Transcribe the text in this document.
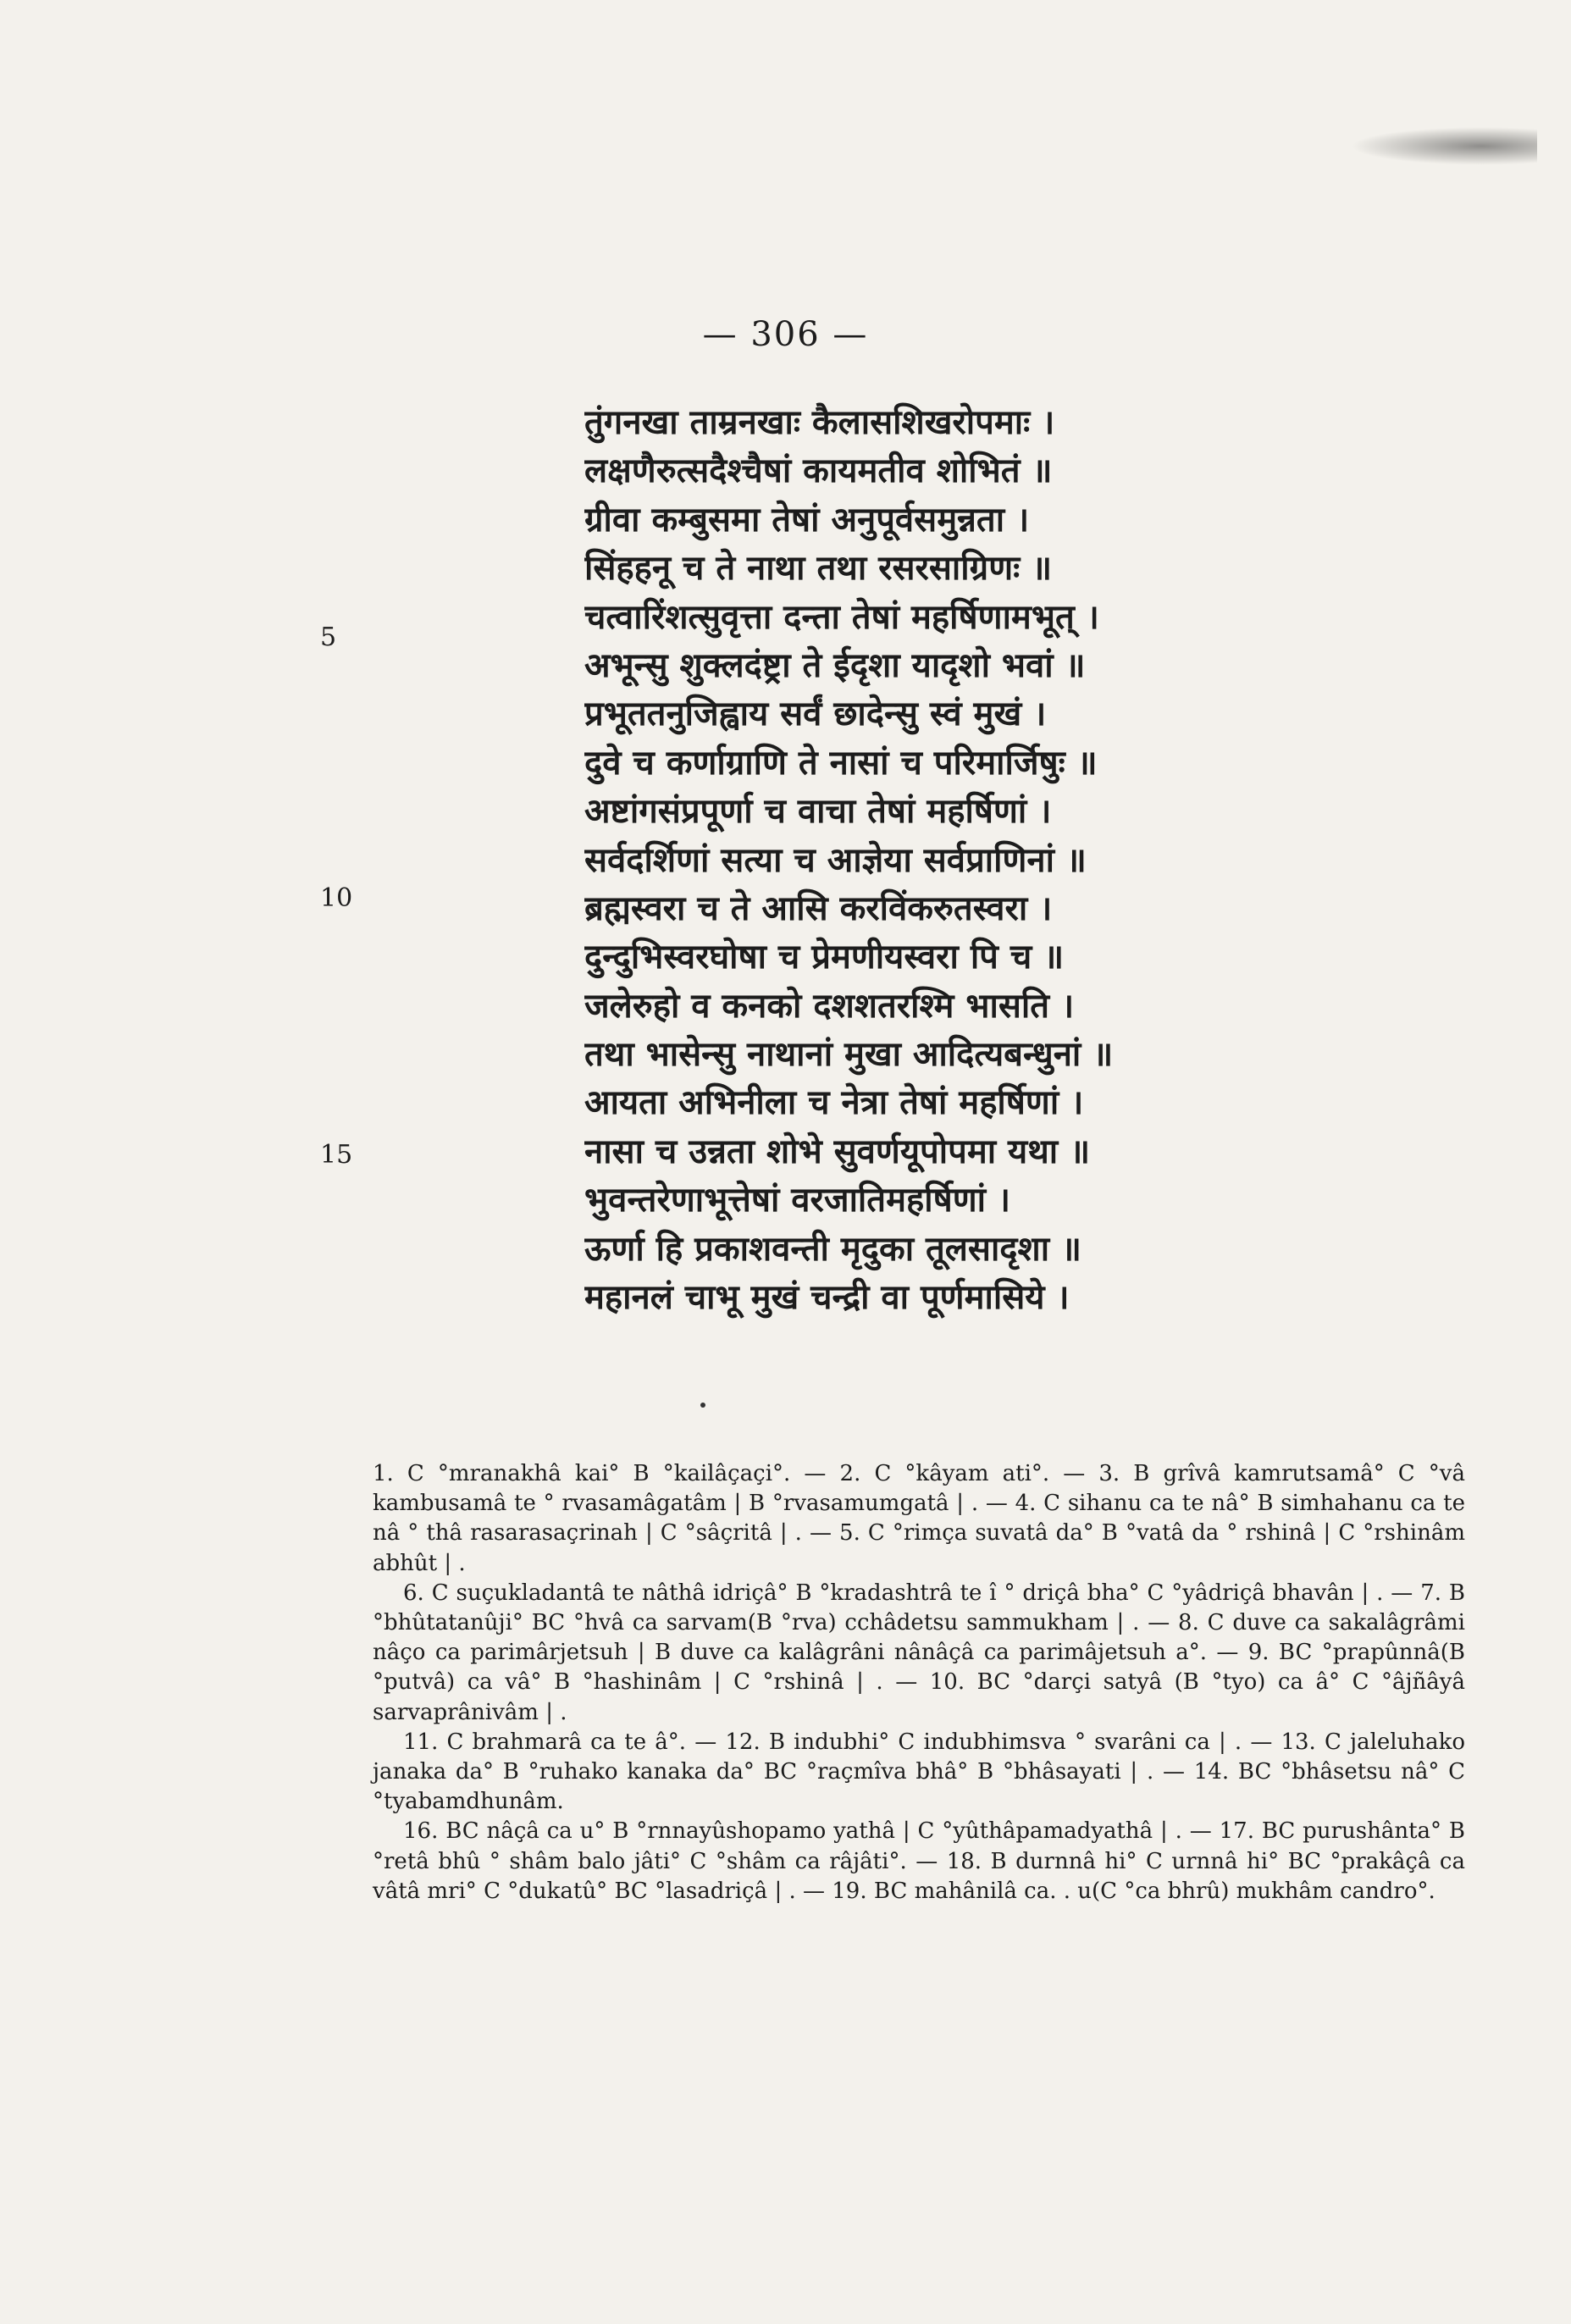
— 306 —
तुंगनखा ताम्रनखाः कैलासशिखरोपमाः ।
लक्षणैरुत्सदैश्चैषां कायमतीव शोभितं ॥
ग्रीवा कम्बुसमा तेषां अनुपूर्वसमुन्नता ।
सिंहहनू च ते नाथा तथा रसरसाग्रिणः ॥
चत्वारिंशत्सुवृत्ता दन्ता तेषां महर्षिणामभूत् ।
अभून्सु शुक्लदंष्ट्रा ते ईदृशा यादृशो भवां ॥
प्रभूततनुजिह्वाय सर्वं छादेन्सु स्वं मुखं ।
दुवे च कर्णाग्राणि ते नासां च परिमार्जिषुः ॥
अष्टांगसंप्रपूर्णा च वाचा तेषां महर्षिणां ।
सर्वदर्शिणां सत्या च आज्ञेया सर्वप्राणिनां ॥
ब्रह्मस्वरा च ते आसि करविंकरुतस्वरा ।
दुन्दुभिस्वरघोषा च प्रेमणीयस्वरा पि च ॥
जलेरुहो व कनको दशशतरश्मि भासति ।
तथा भासेन्सु नाथानां मुखा आदित्यबन्धुनां ॥
आयता अभिनीला च नेत्रा तेषां महर्षिणां ।
नासा च उन्नता शोभे सुवर्णयूपोपमा यथा ॥
भुवन्तरेणाभूत्तेषां वरजातिमहर्षिणां ।
ऊर्णा हि प्रकाशवन्ती मृदुका तूलसादृशा ॥
महानलं चाभू मुखं चन्द्री वा पूर्णमासिये ।
5
10
15

1. C °mranakhâ kai° B °kailâçaçi°. — 2. C °kâyam ati°. — 3. B grîvâ kamrutsamâ° C °vâ kambusamâ te ° rvasamâgatâm | B °rvasamumgatâ | . — 4. C sihanu ca te nâ° B simhahanu ca te nâ ° thâ rasarasaçrinah | C °sâçritâ | . — 5. C °rimça suvatâ da° B °vatâ da ° rshinâ | C °rshinâm abhût | .

6. C suçukladantâ te nâthâ idriçâ° B °kradashtrâ te î ° driçâ bha° C °yâdriçâ bhavân | . — 7. B °bhûtatanûji° BC °hvâ ca sarvam(B °rva) cchâdetsu sammukham | . — 8. C duve ca sakalâgrâmi nâço ca parimârjetsuh | B duve ca kalâgrâni nânâçâ ca parimâjetsuh a°. — 9. BC °prapûnnâ(B °putvâ) ca vâ° B °hashinâm | C °rshinâ | . — 10. BC °darçi satyâ (B °tyo) ca â° C °âjñâyâ sarvaprânivâm | .

11. C brahmarâ ca te â°. — 12. B indubhi° C indubhimsva ° svarâni ca | . — 13. C jaleluhako janaka da° B °ruhako kanaka da° BC °raçmîva bhâ° B °bhâsayati | . — 14. BC °bhâsetsu nâ° C °tyabamdhunâm.

16. BC nâçâ ca u° B °rnnayûshopamo yathâ | C °yûthâpamadyathâ | . — 17. BC purushânta° B °retâ bhû ° shâm balo jâti° C °shâm ca râjâti°. — 18. B durnnâ hi° C urnnâ hi° BC °prakâçâ ca vâtâ mri° C °dukatû° BC °lasadriçâ | . — 19. BC mahânilâ ca. . u(C °ca bhrû) mukhâm candro°.
